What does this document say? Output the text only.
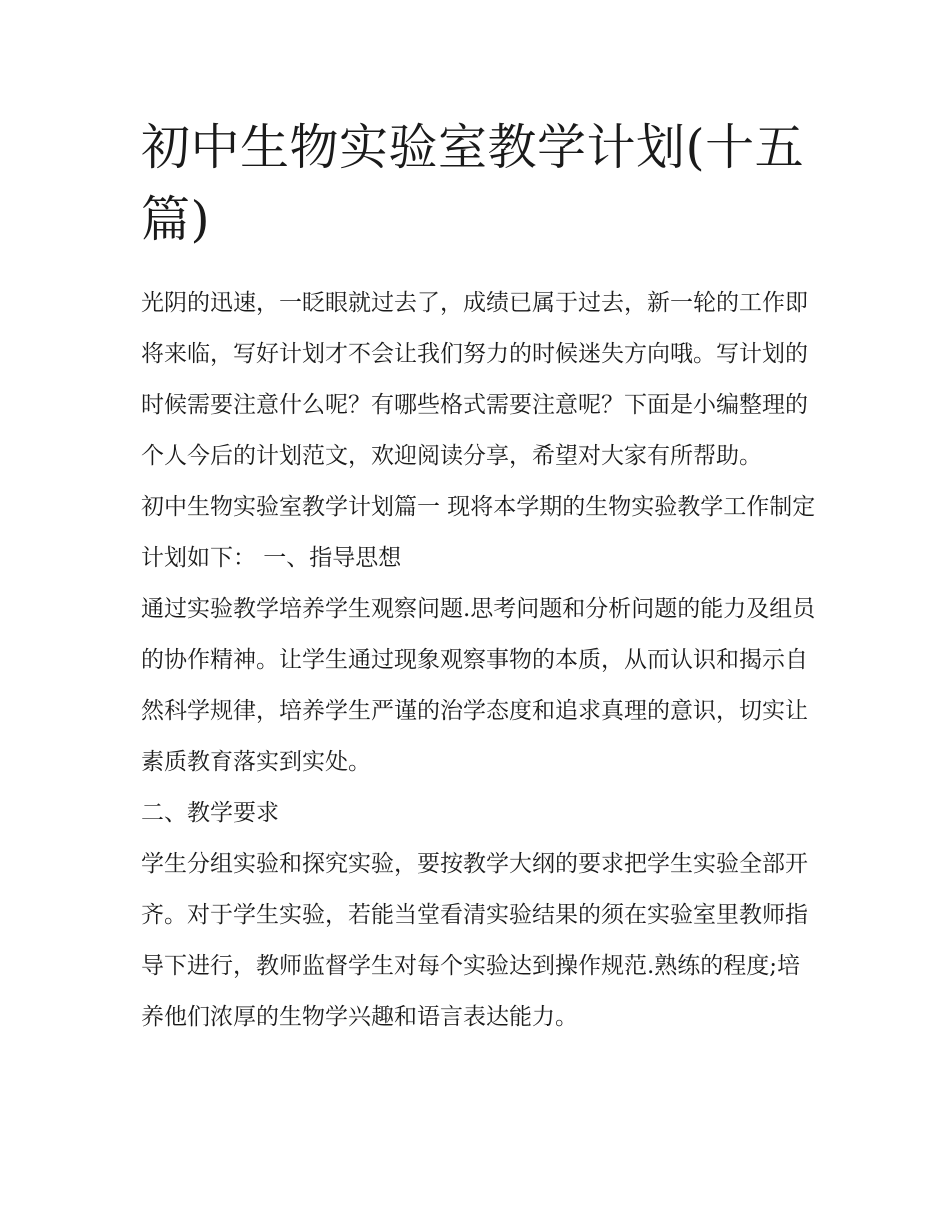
初中生物实验室教学计划(十五篇)

光阴的迅速，一眨眼就过去了，成绩已属于过去，新一轮的工作即将来临，写好计划才不会让我们努力的时候迷失方向哦。写计划的时候需要注意什么呢？有哪些格式需要注意呢？下面是小编整理的个人今后的计划范文，欢迎阅读分享，希望对大家有所帮助。

初中生物实验室教学计划篇一 现将本学期的生物实验教学工作制定计划如下： 一、指导思想

通过实验教学培养学生观察问题.思考问题和分析问题的能力及组员的协作精神。让学生通过现象观察事物的本质，从而认识和揭示自然科学规律，培养学生严谨的治学态度和追求真理的意识，切实让素质教育落实到实处。

二、教学要求

学生分组实验和探究实验，要按教学大纲的要求把学生实验全部开齐。对于学生实验，若能当堂看清实验结果的须在实验室里教师指导下进行，教师监督学生对每个实验达到操作规范.熟练的程度;培养他们浓厚的生物学兴趣和语言表达能力。
